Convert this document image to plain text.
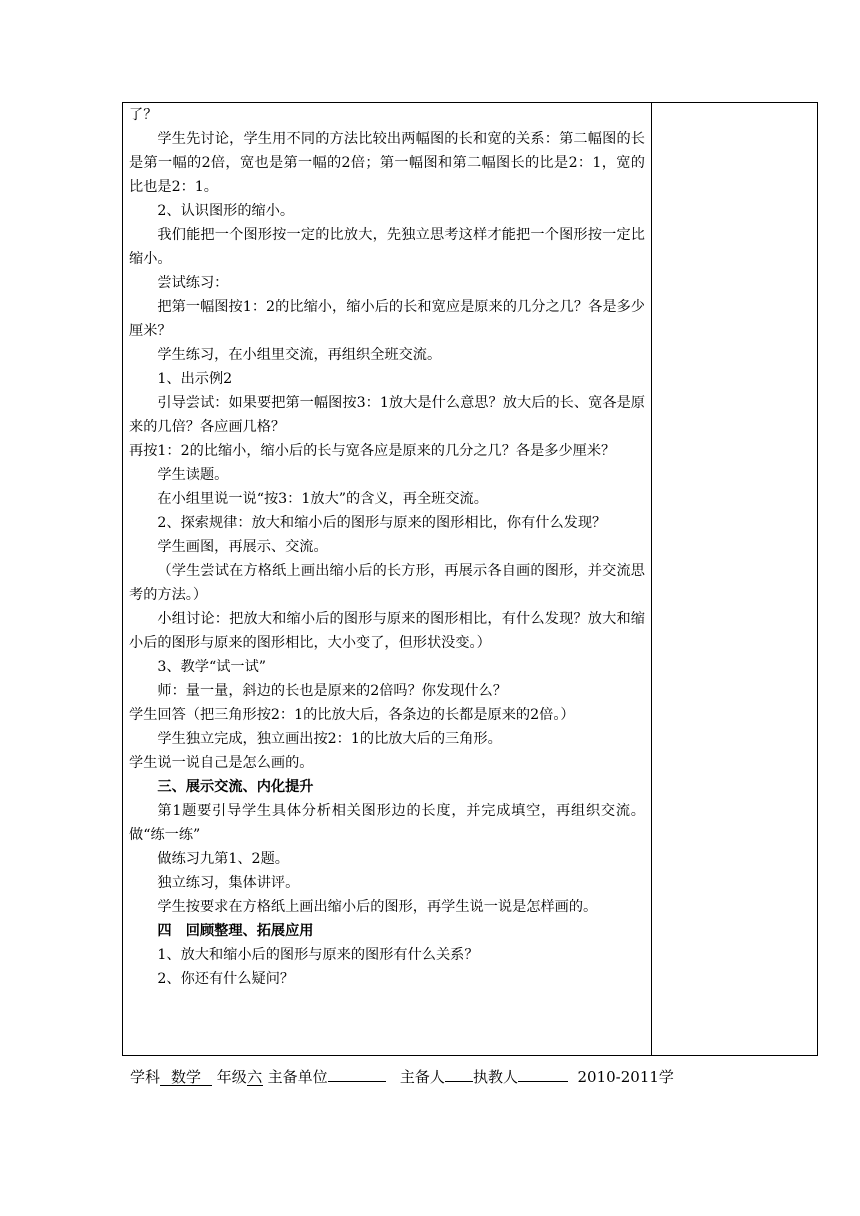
了？

学生先讨论，学生用不同的方法比较出两幅图的长和宽的关系：第二幅图的长是第一幅的2倍，宽也是第一幅的2倍；第一幅图和第二幅图长的比是2：1，宽的比也是2：1。

2、认识图形的缩小。

我们能把一个图形按一定的比放大，先独立思考这样才能把一个图形按一定比缩小。

尝试练习：

把第一幅图按1：2的比缩小，缩小后的长和宽应是原来的几分之几？各是多少厘米？

学生练习，在小组里交流，再组织全班交流。

1、出示例2

引导尝试：如果要把第一幅图按3：1放大是什么意思？放大后的长、宽各是原来的几倍？各应画几格？

再按1：2的比缩小，缩小后的长与宽各应是原来的几分之几？各是多少厘米？

学生读题。

在小组里说一说“按3：1放大”的含义，再全班交流。

2、探索规律：放大和缩小后的图形与原来的图形相比，你有什么发现？

学生画图，再展示、交流。

（学生尝试在方格纸上画出缩小后的长方形，再展示各自画的图形，并交流思考的方法。）

小组讨论：把放大和缩小后的图形与原来的图形相比，有什么发现？放大和缩小后的图形与原来的图形相比，大小变了，但形状没变。）

3、教学“试一试”

师：量一量，斜边的长也是原来的2倍吗？你发现什么？

学生回答（把三角形按2：1的比放大后，各条边的长都是原来的2倍。）

学生独立完成，独立画出按2：1的比放大后的三角形。

学生说一说自己是怎么画的。

三、展示交流、内化提升

第1题要引导学生具体分析相关图形边的长度，并完成填空，再组织交流。做“练一练”

做练习九第1、2题。

独立练习，集体讲评。

学生按要求在方格纸上画出缩小后的图形，再学生说一说是怎样画的。

四　回顾整理、拓展应用

1、放大和缩小后的图形与原来的图形有什么关系？

2、你还有什么疑问？

学科 数学 年级六 主备单位	主备人 执教人	2010-2011学
